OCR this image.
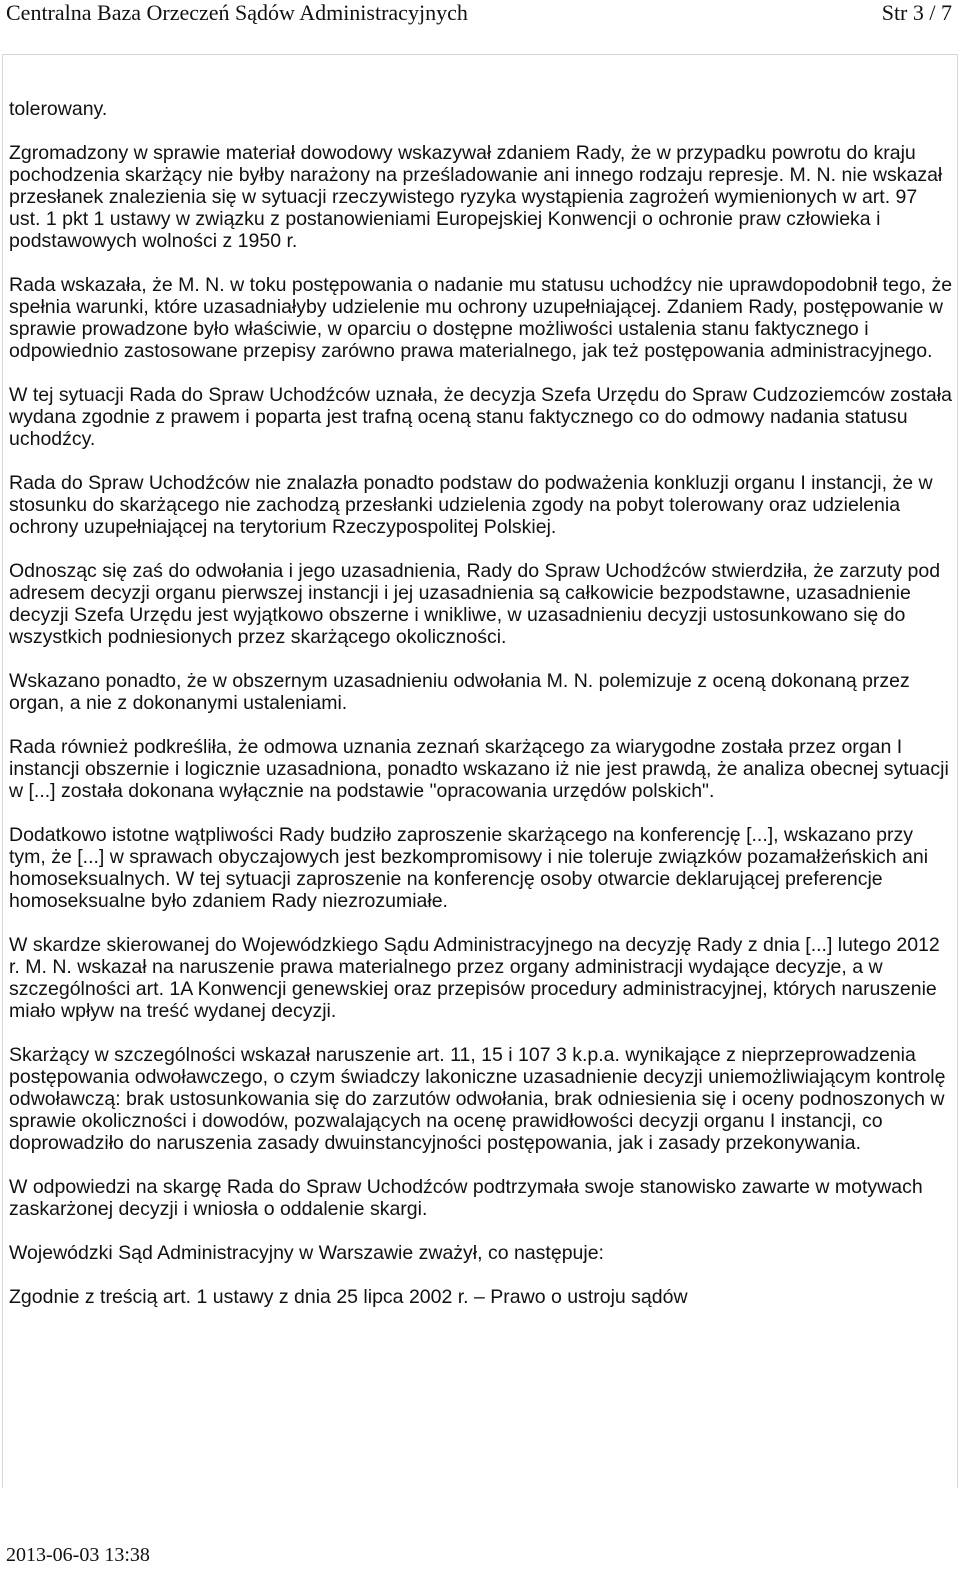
Centralna Baza Orzeczeń Sądów Administracyjnych	Str 3 / 7

tolerowany.

Zgromadzony w sprawie materiał dowodowy wskazywał zdaniem Rady, że w przypadku powrotu do kraju pochodzenia skarżący nie byłby narażony na prześladowanie ani innego rodzaju represje. M. N. nie wskazał przesłanek znalezienia się w sytuacji rzeczywistego ryzyka wystąpienia zagrożeń wymienionych w art. 97 ust. 1 pkt 1 ustawy w związku z postanowieniami Europejskiej Konwencji o ochronie praw człowieka i podstawowych wolności z 1950 r.

Rada wskazała, że M. N. w toku postępowania o nadanie mu statusu uchodźcy nie uprawdopodobnił tego, że spełnia warunki, które uzasadniałyby udzielenie mu ochrony uzupełniającej. Zdaniem Rady, postępowanie w sprawie prowadzone było właściwie, w oparciu o dostępne możliwości ustalenia stanu faktycznego i odpowiednio zastosowane przepisy zarówno prawa materialnego, jak też postępowania administracyjnego.

W tej sytuacji Rada do Spraw Uchodźców uznała, że decyzja Szefa Urzędu do Spraw Cudzoziemców została wydana zgodnie z prawem i poparta jest trafną oceną stanu faktycznego co do odmowy nadania statusu uchodźcy.

Rada do Spraw Uchodźców nie znalazła ponadto podstaw do podważenia konkluzji organu I instancji, że w stosunku do skarżącego nie zachodzą przesłanki udzielenia zgody na pobyt tolerowany oraz udzielenia ochrony uzupełniającej na terytorium Rzeczypospolitej Polskiej.

Odnosząc się zaś do odwołania i jego uzasadnienia, Rady do Spraw Uchodźców stwierdziła, że zarzuty pod adresem decyzji organu pierwszej instancji i jej uzasadnienia są całkowicie bezpodstawne, uzasadnienie decyzji Szefa Urzędu jest wyjątkowo obszerne i wnikliwe, w uzasadnieniu decyzji ustosunkowano się do wszystkich podniesionych przez skarżącego okoliczności.

Wskazano ponadto, że w obszernym uzasadnieniu odwołania M. N. polemizuje z oceną dokonaną przez organ, a nie z dokonanymi ustaleniami.

Rada również podkreśliła, że odmowa uznania zeznań skarżącego za wiarygodne została przez organ I instancji obszernie i logicznie uzasadniona, ponadto wskazano iż nie jest prawdą, że analiza obecnej sytuacji w [...] została dokonana wyłącznie na podstawie "opracowania urzędów polskich".

Dodatkowo istotne wątpliwości Rady budziło zaproszenie skarżącego na konferencję [...], wskazano przy tym, że [...] w sprawach obyczajowych jest bezkompromisowy i nie toleruje związków pozamałżeńskich ani homoseksualnych. W tej sytuacji zaproszenie na konferencję osoby otwarcie deklarującej preferencje homoseksualne było zdaniem Rady niezrozumiałe.

W skardze skierowanej do Wojewódzkiego Sądu Administracyjnego na decyzję Rady z dnia [...] lutego 2012 r. M. N. wskazał na naruszenie prawa materialnego przez organy administracji wydające decyzje, a w szczególności art. 1A Konwencji genewskiej oraz przepisów procedury administracyjnej, których naruszenie miało wpływ na treść wydanej decyzji.

Skarżący w szczególności wskazał naruszenie art. 11, 15 i 107 3 k.p.a. wynikające z nieprzeprowadzenia postępowania odwoławczego, o czym świadczy lakoniczne uzasadnienie decyzji uniemożliwiającym kontrolę odwoławczą: brak ustosunkowania się do zarzutów odwołania, brak odniesienia się i oceny podnoszonych w sprawie okoliczności i dowodów, pozwalających na ocenę prawidłowości decyzji organu I instancji, co doprowadziło do naruszenia zasady dwuinstancyjności postępowania, jak i zasady przekonywania.

W odpowiedzi na skargę Rada do Spraw Uchodźców podtrzymała swoje stanowisko zawarte w motywach zaskarżonej decyzji i wniosła o oddalenie skargi.

Wojewódzki Sąd Administracyjny w Warszawie zważył, co następuje:

Zgodnie z treścią art. 1 ustawy z dnia 25 lipca 2002 r. – Prawo o ustroju sądów

2013-06-03 13:38
